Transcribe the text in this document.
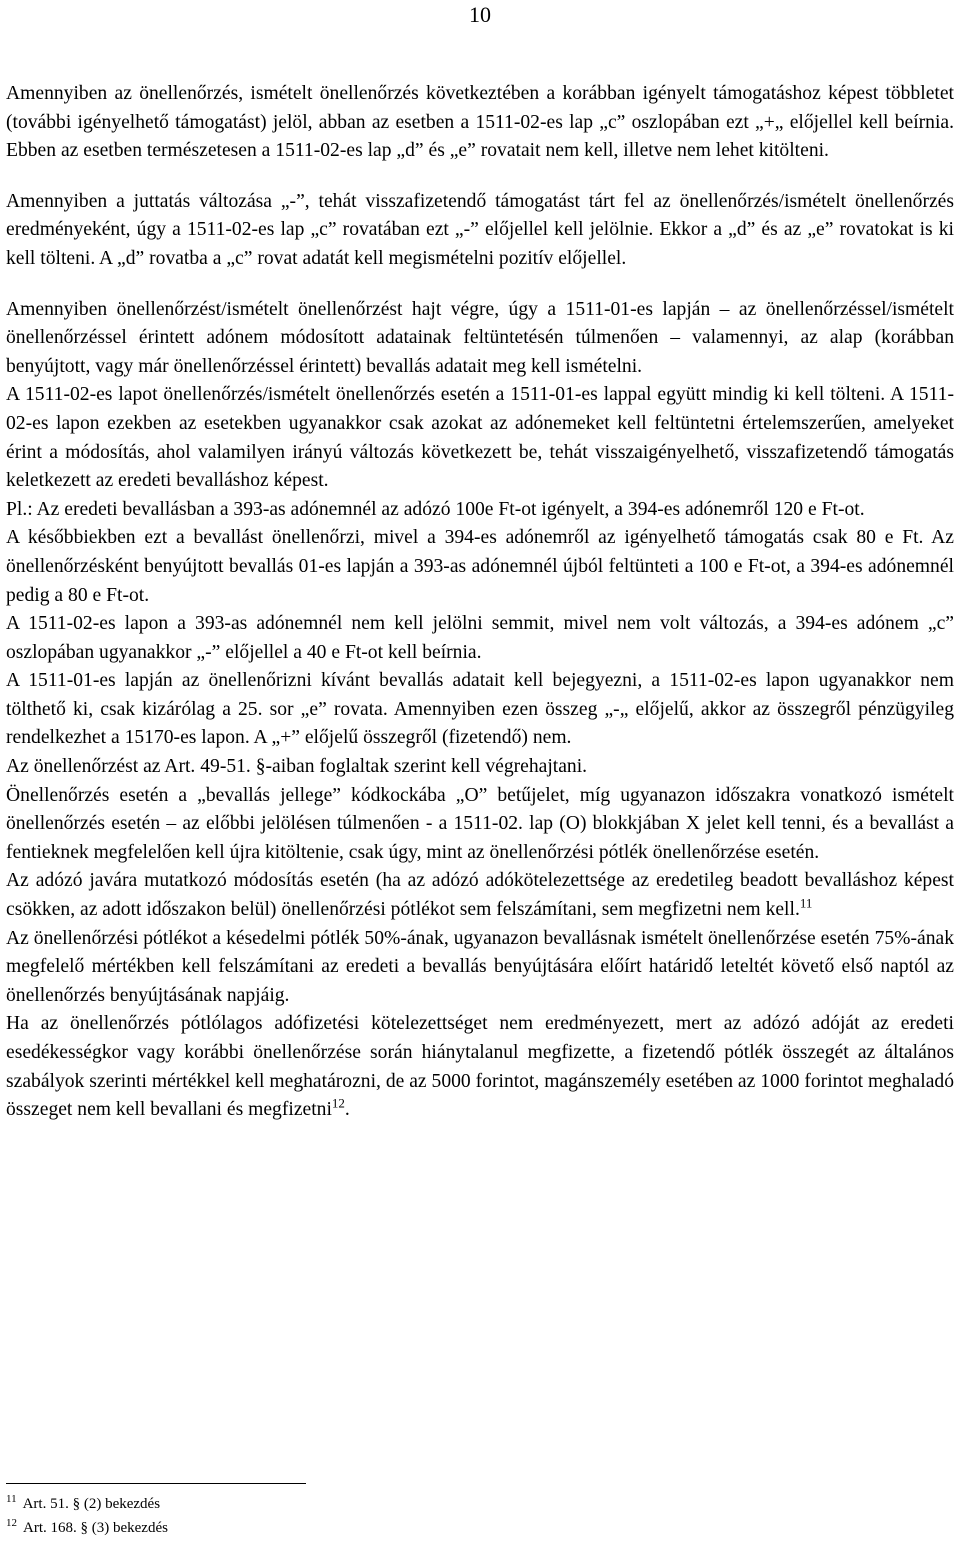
10

Amennyiben az önellenőrzés, ismételt önellenőrzés következtében a korábban igényelt támogatáshoz képest többletet (további igényelhető támogatást) jelöl, abban az esetben a 1511-02-es lap „c” oszlopában ezt „+„ előjellel kell beírnia. Ebben az esetben természetesen a 1511-02-es lap „d” és „e” rovatait nem kell, illetve nem lehet kitölteni.

Amennyiben a juttatás változása „-”, tehát visszafizetendő támogatást tárt fel az önellenőrzés/ismételt önellenőrzés eredményeként, úgy a 1511-02-es lap „c” rovatában ezt „-” előjellel kell jelölnie. Ekkor a „d” és az „e” rovatokat is ki kell tölteni. A „d” rovatba a „c” rovat adatát kell megismételni pozitív előjellel.

Amennyiben önellenőrzést/ismételt önellenőrzést hajt végre, úgy a 1511-01-es lapján – az önellenőrzéssel/ismételt önellenőrzéssel érintett adónem módosított adatainak feltüntetésén túlmenően – valamennyi, az alap (korábban benyújtott, vagy már önellenőrzéssel érintett) bevallás adatait meg kell ismételni.

A 1511-02-es lapot önellenőrzés/ismételt önellenőrzés esetén a 1511-01-es lappal együtt mindig ki kell tölteni. A 1511-02-es lapon ezekben az esetekben ugyanakkor csak azokat az adónemeket kell feltüntetni értelemszerűen, amelyeket érint a módosítás, ahol valamilyen irányú változás következett be, tehát visszaigényelhető, visszafizetendő támogatás keletkezett az eredeti bevalláshoz képest.

Pl.: Az eredeti bevallásban a 393-as adónemnél az adózó 100e Ft-ot igényelt, a 394-es adónemről 120 e Ft-ot.

A későbbiekben ezt a bevallást önellenőrzi, mivel a 394-es adónemről az igényelhető támogatás csak 80 e Ft. Az önellenőrzésként benyújtott bevallás 01-es lapján a 393-as adónemnél újból feltünteti a 100 e Ft-ot, a 394-es adónemnél pedig a 80 e Ft-ot.

A 1511-02-es lapon a 393-as adónemnél nem kell jelölni semmit, mivel nem volt változás, a 394-es adónem „c” oszlopában ugyanakkor „-” előjellel a 40 e Ft-ot kell beírnia.

A 1511-01-es lapján az önellenőrizni kívánt bevallás adatait kell bejegyezni, a 1511-02-es lapon ugyanakkor nem tölthető ki, csak kizárólag a 25. sor „e” rovata. Amennyiben ezen összeg „-„ előjelű, akkor az összegről pénzügyileg rendelkezhet a 15170-es lapon. A „+” előjelű összegről (fizetendő) nem.

Az önellenőrzést az Art. 49-51. §-aiban foglaltak szerint kell végrehajtani.

Önellenőrzés esetén a „bevallás jellege” kódkockába „O” betűjelet, míg ugyanazon időszakra vonatkozó ismételt önellenőrzés esetén – az előbbi jelölésen túlmenően - a 1511-02. lap (O) blokkjában X jelet kell tenni, és a bevallást a fentieknek megfelelően kell újra kitöltenie, csak úgy, mint az önellenőrzési pótlék önellenőrzése esetén.

Az adózó javára mutatkozó módosítás esetén (ha az adózó adókötelezettsége az eredetileg beadott bevalláshoz képest csökken, az adott időszakon belül) önellenőrzési pótlékot sem felszámítani, sem megfizetni nem kell.$^{11}$

Az önellenőrzési pótlékot a késedelmi pótlék 50%-ának, ugyanazon bevallásnak ismételt önellenőrzése esetén 75%-ának megfelelő mértékben kell felszámítani az eredeti a bevallás benyújtására előírt határidő leteltét követő első naptól az önellenőrzés benyújtásának napjáig.

Ha az önellenőrzés pótlólagos adófizetési kötelezettséget nem eredményezett, mert az adózó adóját az eredeti esedékességkor vagy korábbi önellenőrzése során hiánytalanul megfizette, a fizetendő pótlék összegét az általános szabályok szerinti mértékkel kell meghatározni, de az 5000 forintot, magánszemély esetében az 1000 forintot meghaladó összeget nem kell bevallani és megfizetni$^{12}$.

$^{11}$ Art. 51. § (2) bekezdés
$^{12}$ Art. 168. § (3) bekezdés
